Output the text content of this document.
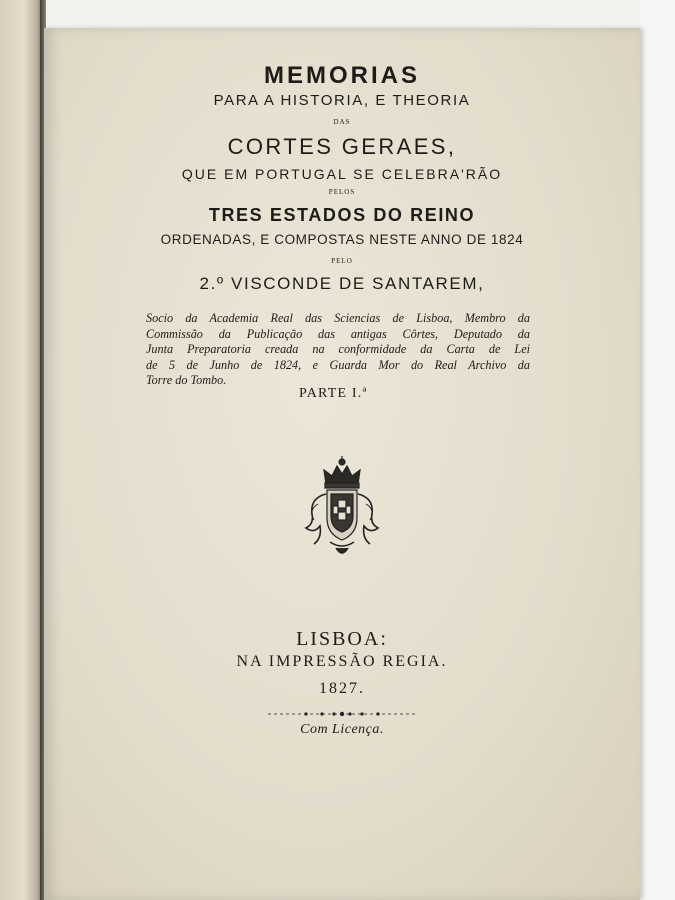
MEMORIAS
PARA A HISTORIA, E THEORIA
DAS
CORTES GERAES,
QUE EM PORTUGAL SE CELEBRA'RÃO
PELOS
TRES ESTADOS DO REINO
ORDENADAS, E COMPOSTAS NESTE ANNO DE 1824
PELO
2.º VISCONDE DE SANTAREM,
Socio da Academia Real das Sciencias de Lisboa, Membro da
Commissão da Publicação das antigas Côrtes, Deputado da
Junta Preparatoria creada na conformidade da Carta de Lei
de 5 de Junho de 1824, e Guarda Mor do Real Archivo da
Torre do Tombo.
PARTE I.ª
LISBOA:
NA IMPRESSÃO REGIA.
1827.
Com Licença.
